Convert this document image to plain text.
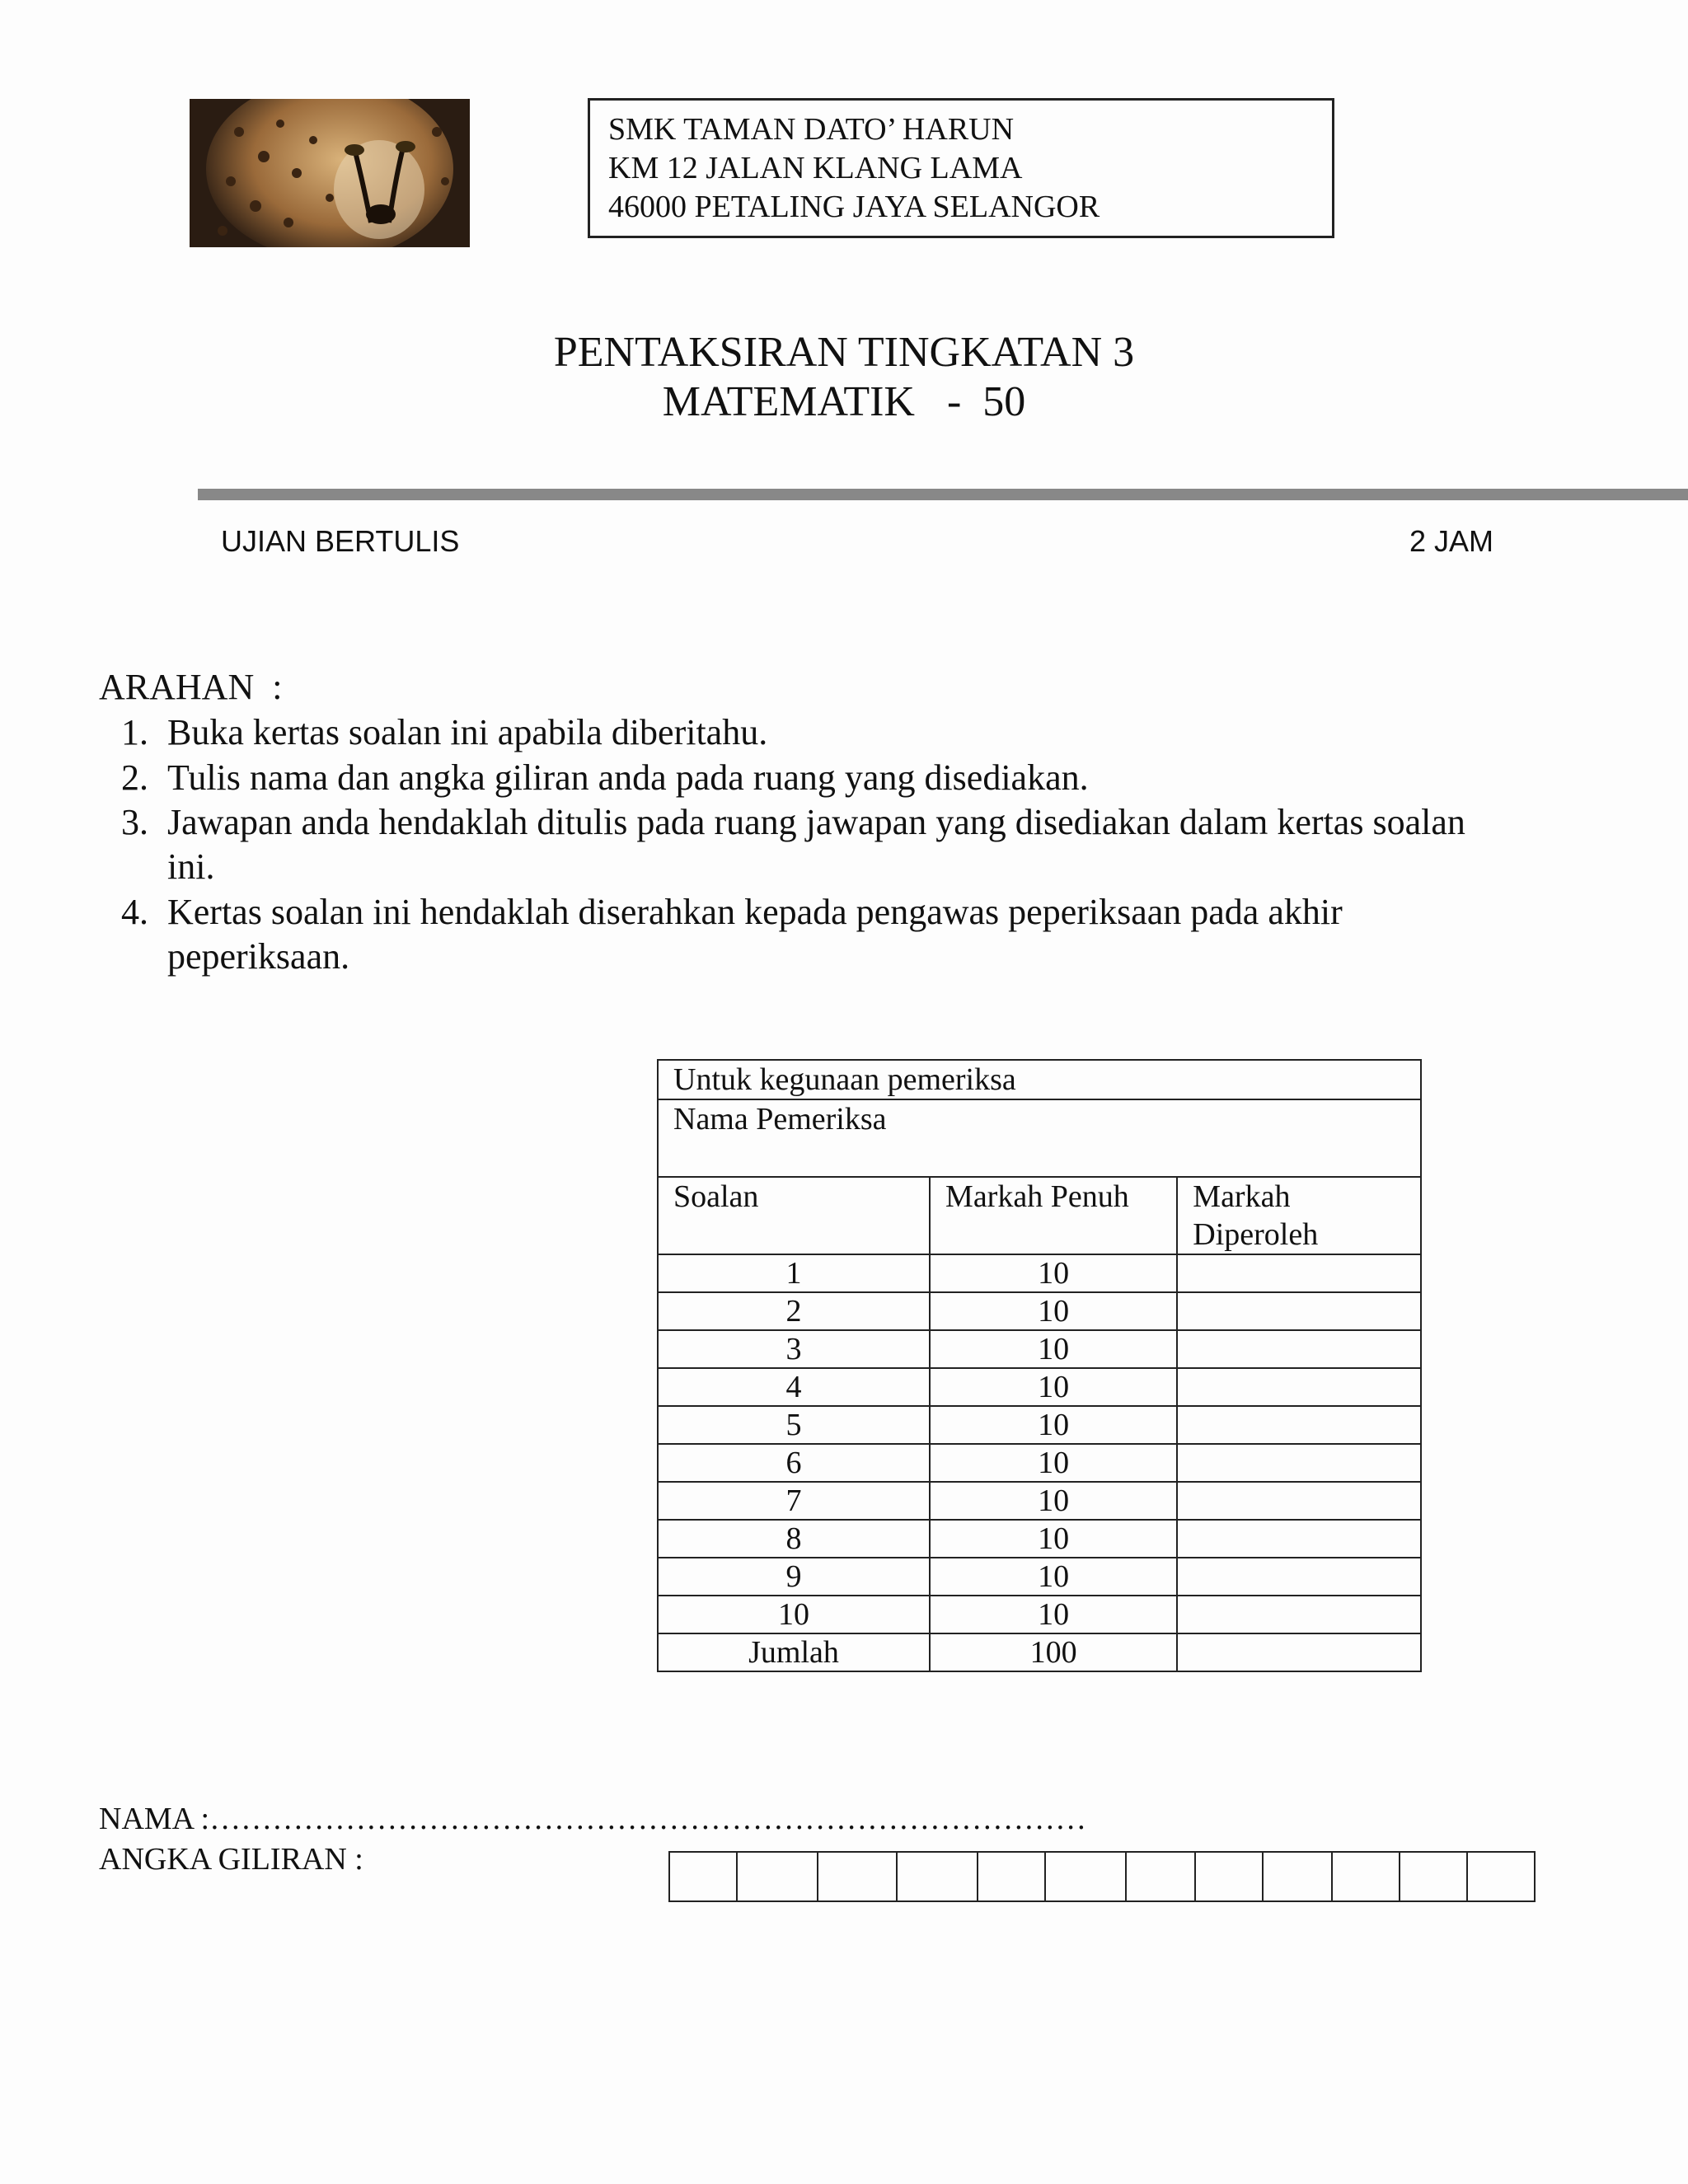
SMK TAMAN DATO’ HARUN
KM 12 JALAN KLANG LAMA
46000 PETALING JAYA SELANGOR
PENTAKSIRAN TINGKATAN 3
MATEMATIK   -  50
UJIAN BERTULIS	2 JAM
ARAHAN  :
1. Buka kertas soalan ini apabila diberitahu.
2. Tulis nama dan angka giliran anda pada ruang yang disediakan.
3. Jawapan anda hendaklah ditulis pada ruang jawapan yang disediakan dalam kertas soalan
ini.
4. Kertas soalan ini hendaklah diserahkan kepada pengawas peperiksaan pada akhir
peperiksaan.
Untuk kegunaan pemeriksa		
Nama Pemeriksa		
Soalan	Markah Penuh	Markah Diperoleh
1	10	
2	10	
3	10	
4	10	
5	10	
6	10	
7	10	
8	10	
9	10	
10	10	
Jumlah	100	
NAMA :…………………………………………………………………………
ANGKA GILIRAN :
